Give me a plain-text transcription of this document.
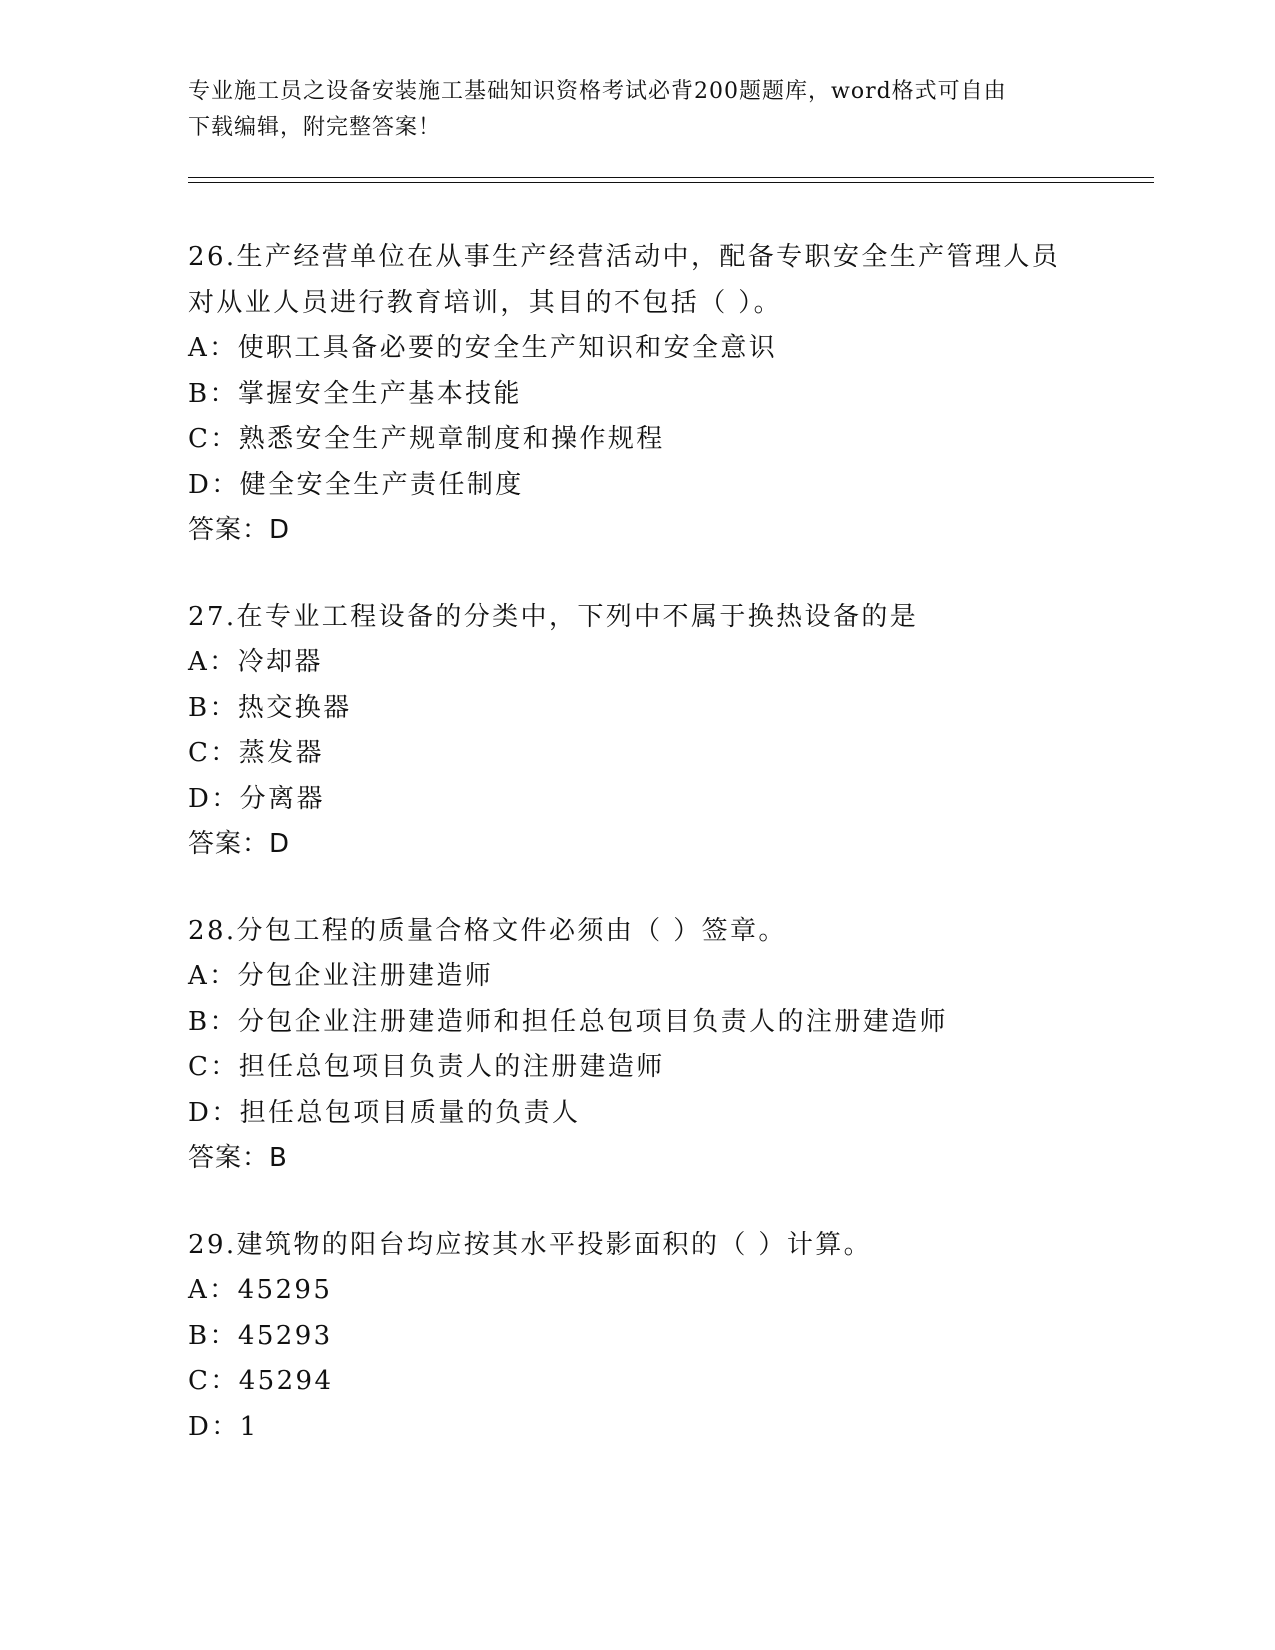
专业施工员之设备安装施工基础知识资格考试必背200题题库，word格式可自由
下载编辑，附完整答案！
26.生产经营单位在从事生产经营活动中，配备专职安全生产管理人员
对从业人员进行教育培训，其目的不包括（ ）。
A：使职工具备必要的安全生产知识和安全意识
B：掌握安全生产基本技能
C：熟悉安全生产规章制度和操作规程
D：健全安全生产责任制度
答案：D
27.在专业工程设备的分类中，下列中不属于换热设备的是
A：冷却器
B：热交换器
C：蒸发器
D：分离器
答案：D
28.分包工程的质量合格文件必须由（ ）签章。
A：分包企业注册建造师
B：分包企业注册建造师和担任总包项目负责人的注册建造师
C：担任总包项目负责人的注册建造师
D：担任总包项目质量的负责人
答案：B
29.建筑物的阳台均应按其水平投影面积的（ ）计算。
A：45295
B：45293
C：45294
D：1
